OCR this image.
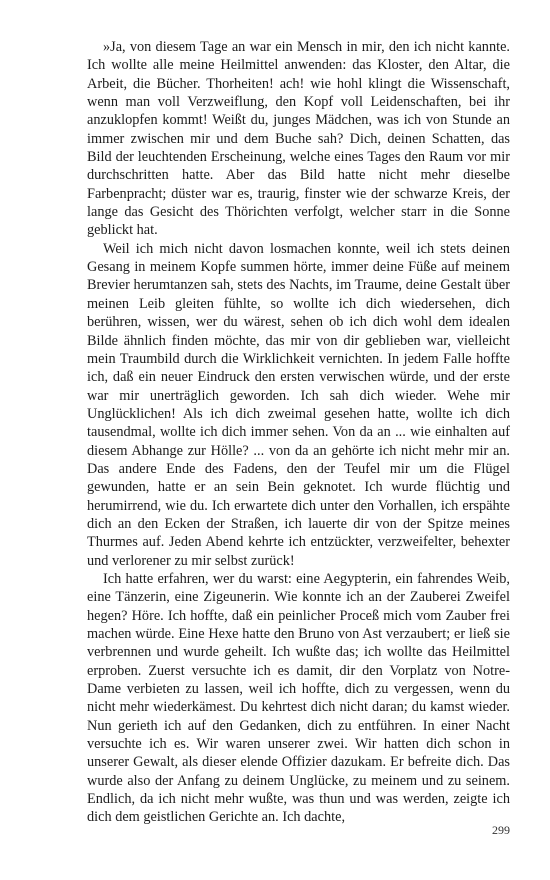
»Ja, von diesem Tage an war ein Mensch in mir, den ich nicht kannte. Ich wollte alle meine Heilmittel anwenden: das Kloster, den Altar, die Arbeit, die Bücher. Thorheiten! ach! wie hohl klingt die Wissenschaft, wenn man voll Verzweiflung, den Kopf voll Leidenschaften, bei ihr anzuklopfen kommt! Weißt du, junges Mädchen, was ich von Stunde an immer zwischen mir und dem Buche sah? Dich, deinen Schatten, das Bild der leuchtenden Erscheinung, welche eines Tages den Raum vor mir durchschritten hatte. Aber das Bild hatte nicht mehr dieselbe Farbenpracht; düster war es, traurig, finster wie der schwarze Kreis, der lange das Gesicht des Thörichten verfolgt, welcher starr in die Sonne geblickt hat.

Weil ich mich nicht davon losmachen konnte, weil ich stets deinen Gesang in meinem Kopfe summen hörte, immer deine Füße auf meinem Brevier herumtanzen sah, stets des Nachts, im Traume, deine Gestalt über meinen Leib gleiten fühlte, so wollte ich dich wiedersehen, dich berühren, wissen, wer du wärest, sehen ob ich dich wohl dem idealen Bilde ähnlich finden möchte, das mir von dir geblieben war, vielleicht mein Traumbild durch die Wirklichkeit vernichten. In jedem Falle hoffte ich, daß ein neuer Eindruck den ersten verwischen würde, und der erste war mir unerträglich geworden. Ich sah dich wieder. Wehe mir Unglücklichen! Als ich dich zweimal gesehen hatte, wollte ich dich tausendmal, wollte ich dich immer sehen. Von da an ... wie einhalten auf diesem Abhange zur Hölle? ... von da an gehörte ich nicht mehr mir an. Das andere Ende des Fadens, den der Teufel mir um die Flügel gewunden, hatte er an sein Bein geknotet. Ich wurde flüchtig und herumirrend, wie du. Ich erwartete dich unter den Vorhallen, ich erspähte dich an den Ecken der Straßen, ich lauerte dir von der Spitze meines Thurmes auf. Jeden Abend kehrte ich entzückter, verzweifelter, behexter und verlorener zu mir selbst zurück!

Ich hatte erfahren, wer du warst: eine Aegypterin, ein fahrendes Weib, eine Tänzerin, eine Zigeunerin. Wie konnte ich an der Zauberei Zweifel hegen? Höre. Ich hoffte, daß ein peinlicher Proceß mich vom Zauber frei machen würde. Eine Hexe hatte den Bruno von Ast verzaubert; er ließ sie verbrennen und wurde geheilt. Ich wußte das; ich wollte das Heilmittel erproben. Zuerst versuchte ich es damit, dir den Vorplatz von Notre-Dame verbieten zu lassen, weil ich hoffte, dich zu vergessen, wenn du nicht mehr wiederkämest. Du kehrtest dich nicht daran; du kamst wieder. Nun gerieth ich auf den Gedanken, dich zu entführen. In einer Nacht versuchte ich es. Wir waren unserer zwei. Wir hatten dich schon in unserer Gewalt, als dieser elende Offizier dazukam. Er befreite dich. Das wurde also der Anfang zu deinem Unglücke, zu meinem und zu seinem. Endlich, da ich nicht mehr wußte, was thun und was werden, zeigte ich dich dem geistlichen Gerichte an. Ich dachte,

299
